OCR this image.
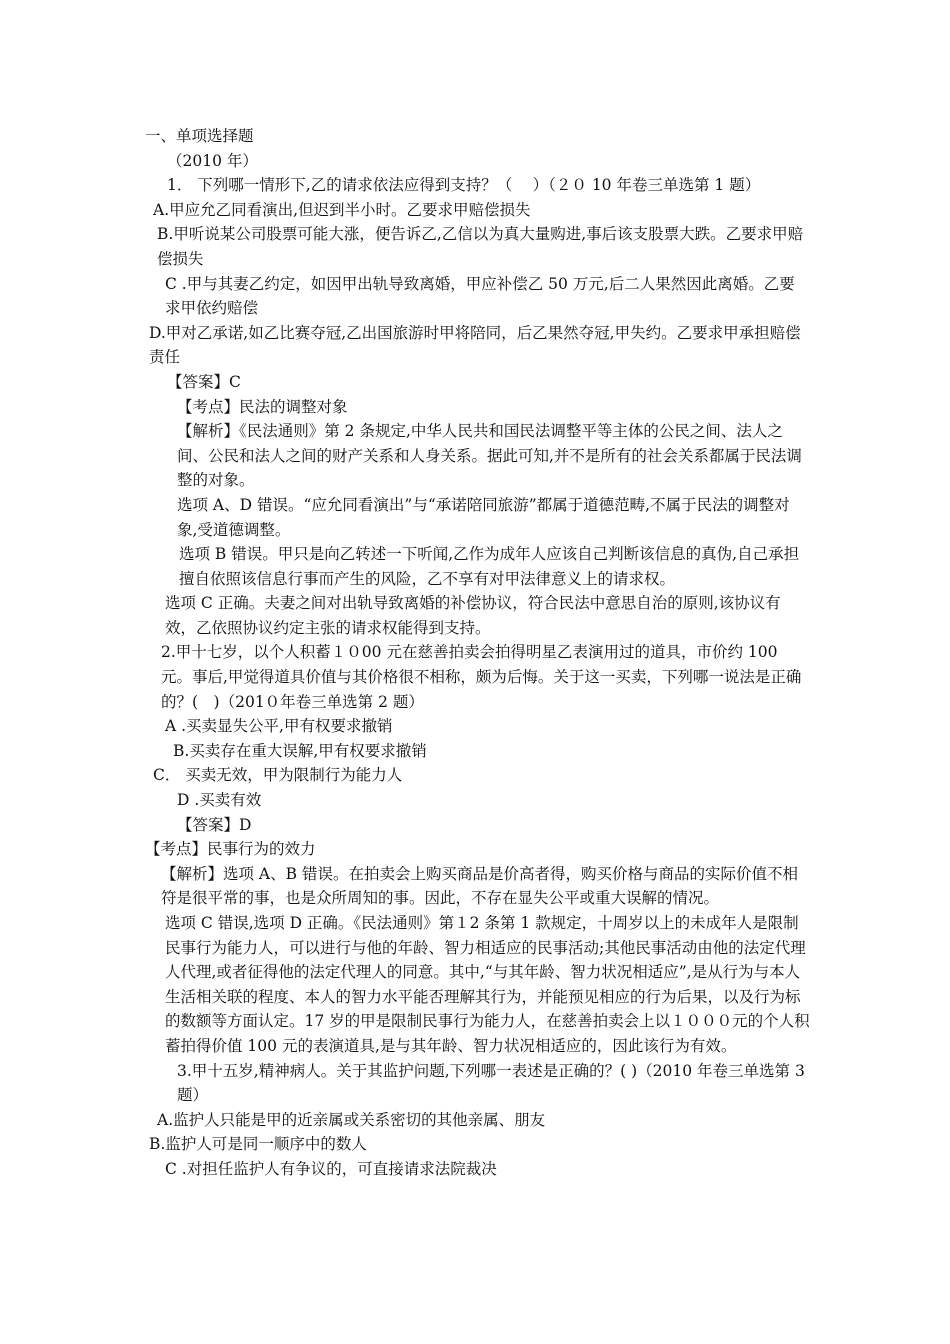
一、单项选择题

（2010 年）

1． 下列哪一情形下,乙的请求依法应得到支持？（　 ）（２０ 10 年卷三单选第 1 题）

A.甲应允乙同看演出,但迟到半小时。乙要求甲赔偿损失

B.甲听说某公司股票可能大涨，便告诉乙,乙信以为真大量购进,事后该支股票大跌。乙要求甲赔偿损失

C .甲与其妻乙约定，如因甲出轨导致离婚，甲应补偿乙 50 万元,后二人果然因此离婚。乙要求甲依约赔偿

D.甲对乙承诺,如乙比赛夺冠,乙出国旅游时甲将陪同，后乙果然夺冠,甲失约。乙要求甲承担赔偿责任

【答案】C

【考点】民法的调整对象

【解析】《民法通则》第 2 条规定,中华人民共和国民法调整平等主体的公民之间、法人之间、公民和法人之间的财产关系和人身关系。据此可知,并不是所有的社会关系都属于民法调整的对象。

选项 A、D 错误。“应允同看演出”与“承诺陪同旅游”都属于道德范畴,不属于民法的调整对象,受道德调整。

选项 B 错误。甲只是向乙转述一下听闻,乙作为成年人应该自己判断该信息的真伪,自己承担擅自依照该信息行事而产生的风险，乙不享有对甲法律意义上的请求权。

选项 C 正确。夫妻之间对出轨导致离婚的补偿协议，符合民法中意思自治的原则,该协议有效，乙依照协议约定主张的请求权能得到支持。

2.甲十七岁，以个人积蓄１０00 元在慈善拍卖会拍得明星乙表演用过的道具，市价约 100 元。事后,甲觉得道具价值与其价格很不相称，颇为后悔。关于这一买卖，下列哪一说法是正确的？(　)（201０年卷三单选第 2 题）

A .买卖显失公平,甲有权要求撤销

B.买卖存在重大误解,甲有权要求撤销

C． 买卖无效，甲为限制行为能力人

D .买卖有效

【答案】D

【考点】民事行为的效力

【解析】选项 A、B 错误。在拍卖会上购买商品是价高者得，购买价格与商品的实际价值不相符是很平常的事，也是众所周知的事。因此，不存在显失公平或重大误解的情况。

选项 C 错误,选项 D 正确。《民法通则》第１2 条第 1 款规定，十周岁以上的未成年人是限制民事行为能力人，可以进行与他的年龄、智力相适应的民事活动;其他民事活动由他的法定代理人代理,或者征得他的法定代理人的同意。其中,“与其年龄、智力状况相适应”,是从行为与本人生活相关联的程度、本人的智力水平能否理解其行为，并能预见相应的行为后果，以及行为标的数额等方面认定。17 岁的甲是限制民事行为能力人，在慈善拍卖会上以１０００元的个人积蓄拍得价值 100 元的表演道具,是与其年龄、智力状况相适应的，因此该行为有效。

3.甲十五岁,精神病人。关于其监护问题,下列哪一表述是正确的？( )（2010 年卷三单选第 3 题）

A.监护人只能是甲的近亲属或关系密切的其他亲属、朋友

B.监护人可是同一顺序中的数人

C .对担任监护人有争议的，可直接请求法院裁决
